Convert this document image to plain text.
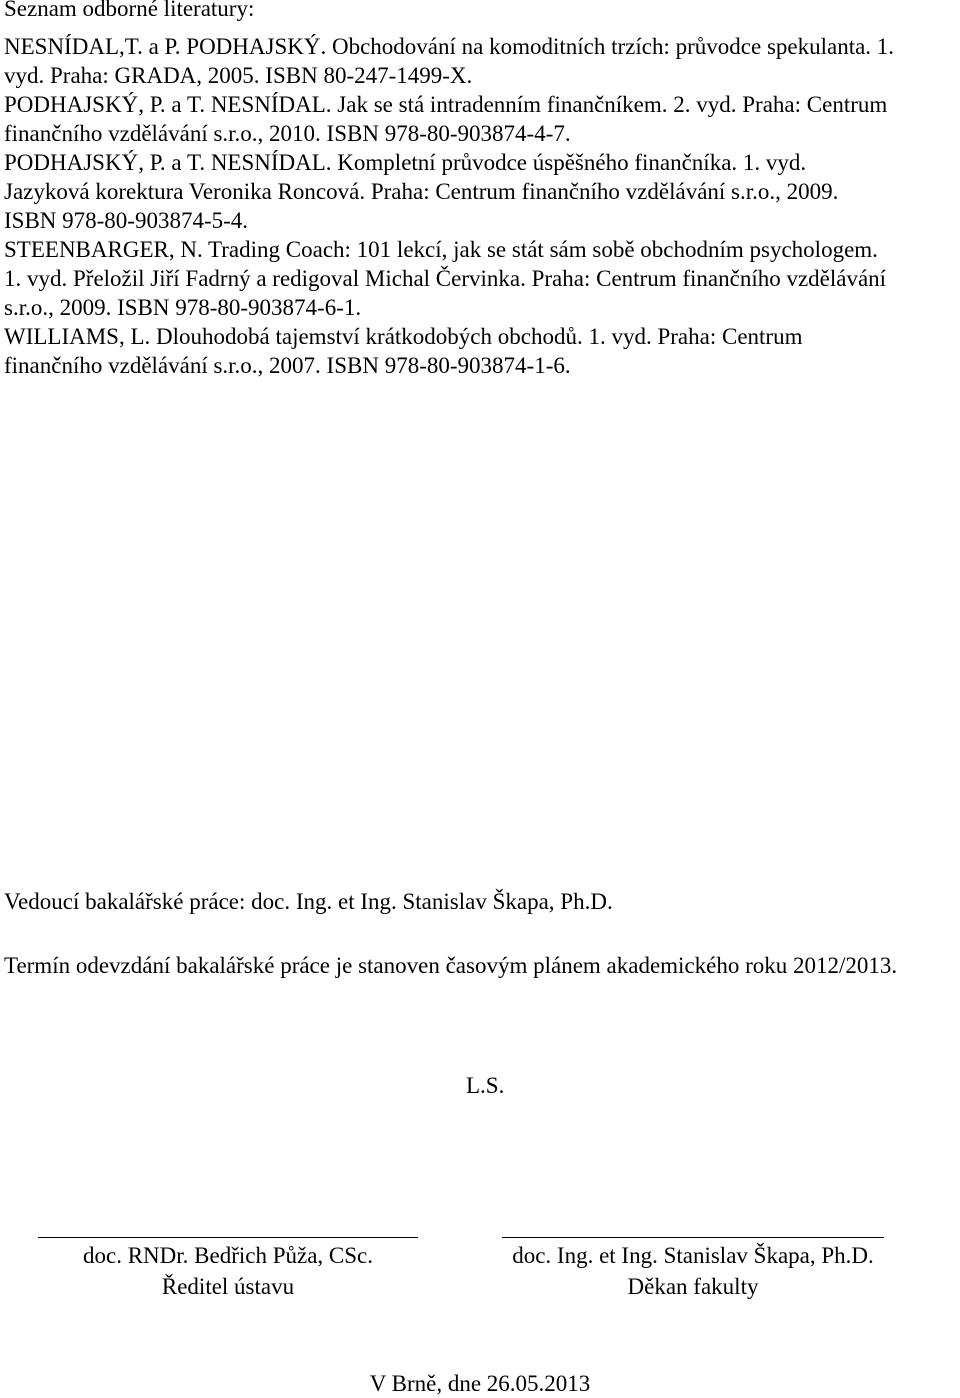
Seznam odborné literatury:
NESNÍDAL,T. a P. PODHAJSKÝ. Obchodování na komoditních trzích: průvodce spekulanta. 1.
vyd. Praha: GRADA, 2005. ISBN 80-247-1499-X.
PODHAJSKÝ, P. a T. NESNÍDAL. Jak se stá intradenním finančníkem. 2. vyd. Praha: Centrum
finančního vzdělávání s.r.o., 2010. ISBN 978-80-903874-4-7.
PODHAJSKÝ, P. a T. NESNÍDAL. Kompletní průvodce úspěšného finančníka. 1. vyd.
Jazyková korektura Veronika Roncová. Praha: Centrum finančního vzdělávání s.r.o., 2009.
ISBN 978-80-903874-5-4.
STEENBARGER, N. Trading Coach: 101 lekcí, jak se stát sám sobě obchodním psychologem.
1. vyd. Přeložil Jiří Fadrný a redigoval Michal Červinka. Praha: Centrum finančního vzdělávání
s.r.o., 2009. ISBN 978-80-903874-6-1.
WILLIAMS, L. Dlouhodobá tajemství krátkodobých obchodů. 1. vyd. Praha: Centrum
finančního vzdělávání s.r.o., 2007. ISBN 978-80-903874-1-6.
Vedoucí bakalářské práce: doc. Ing. et Ing. Stanislav Škapa, Ph.D.
Termín odevzdání bakalářské práce je stanoven časovým plánem akademického roku 2012/2013.
L.S.
doc. RNDr. Bedřich Půža, CSc.
Ředitel ústavu
doc. Ing. et Ing. Stanislav Škapa, Ph.D.
Děkan fakulty
V Brně, dne 26.05.2013
